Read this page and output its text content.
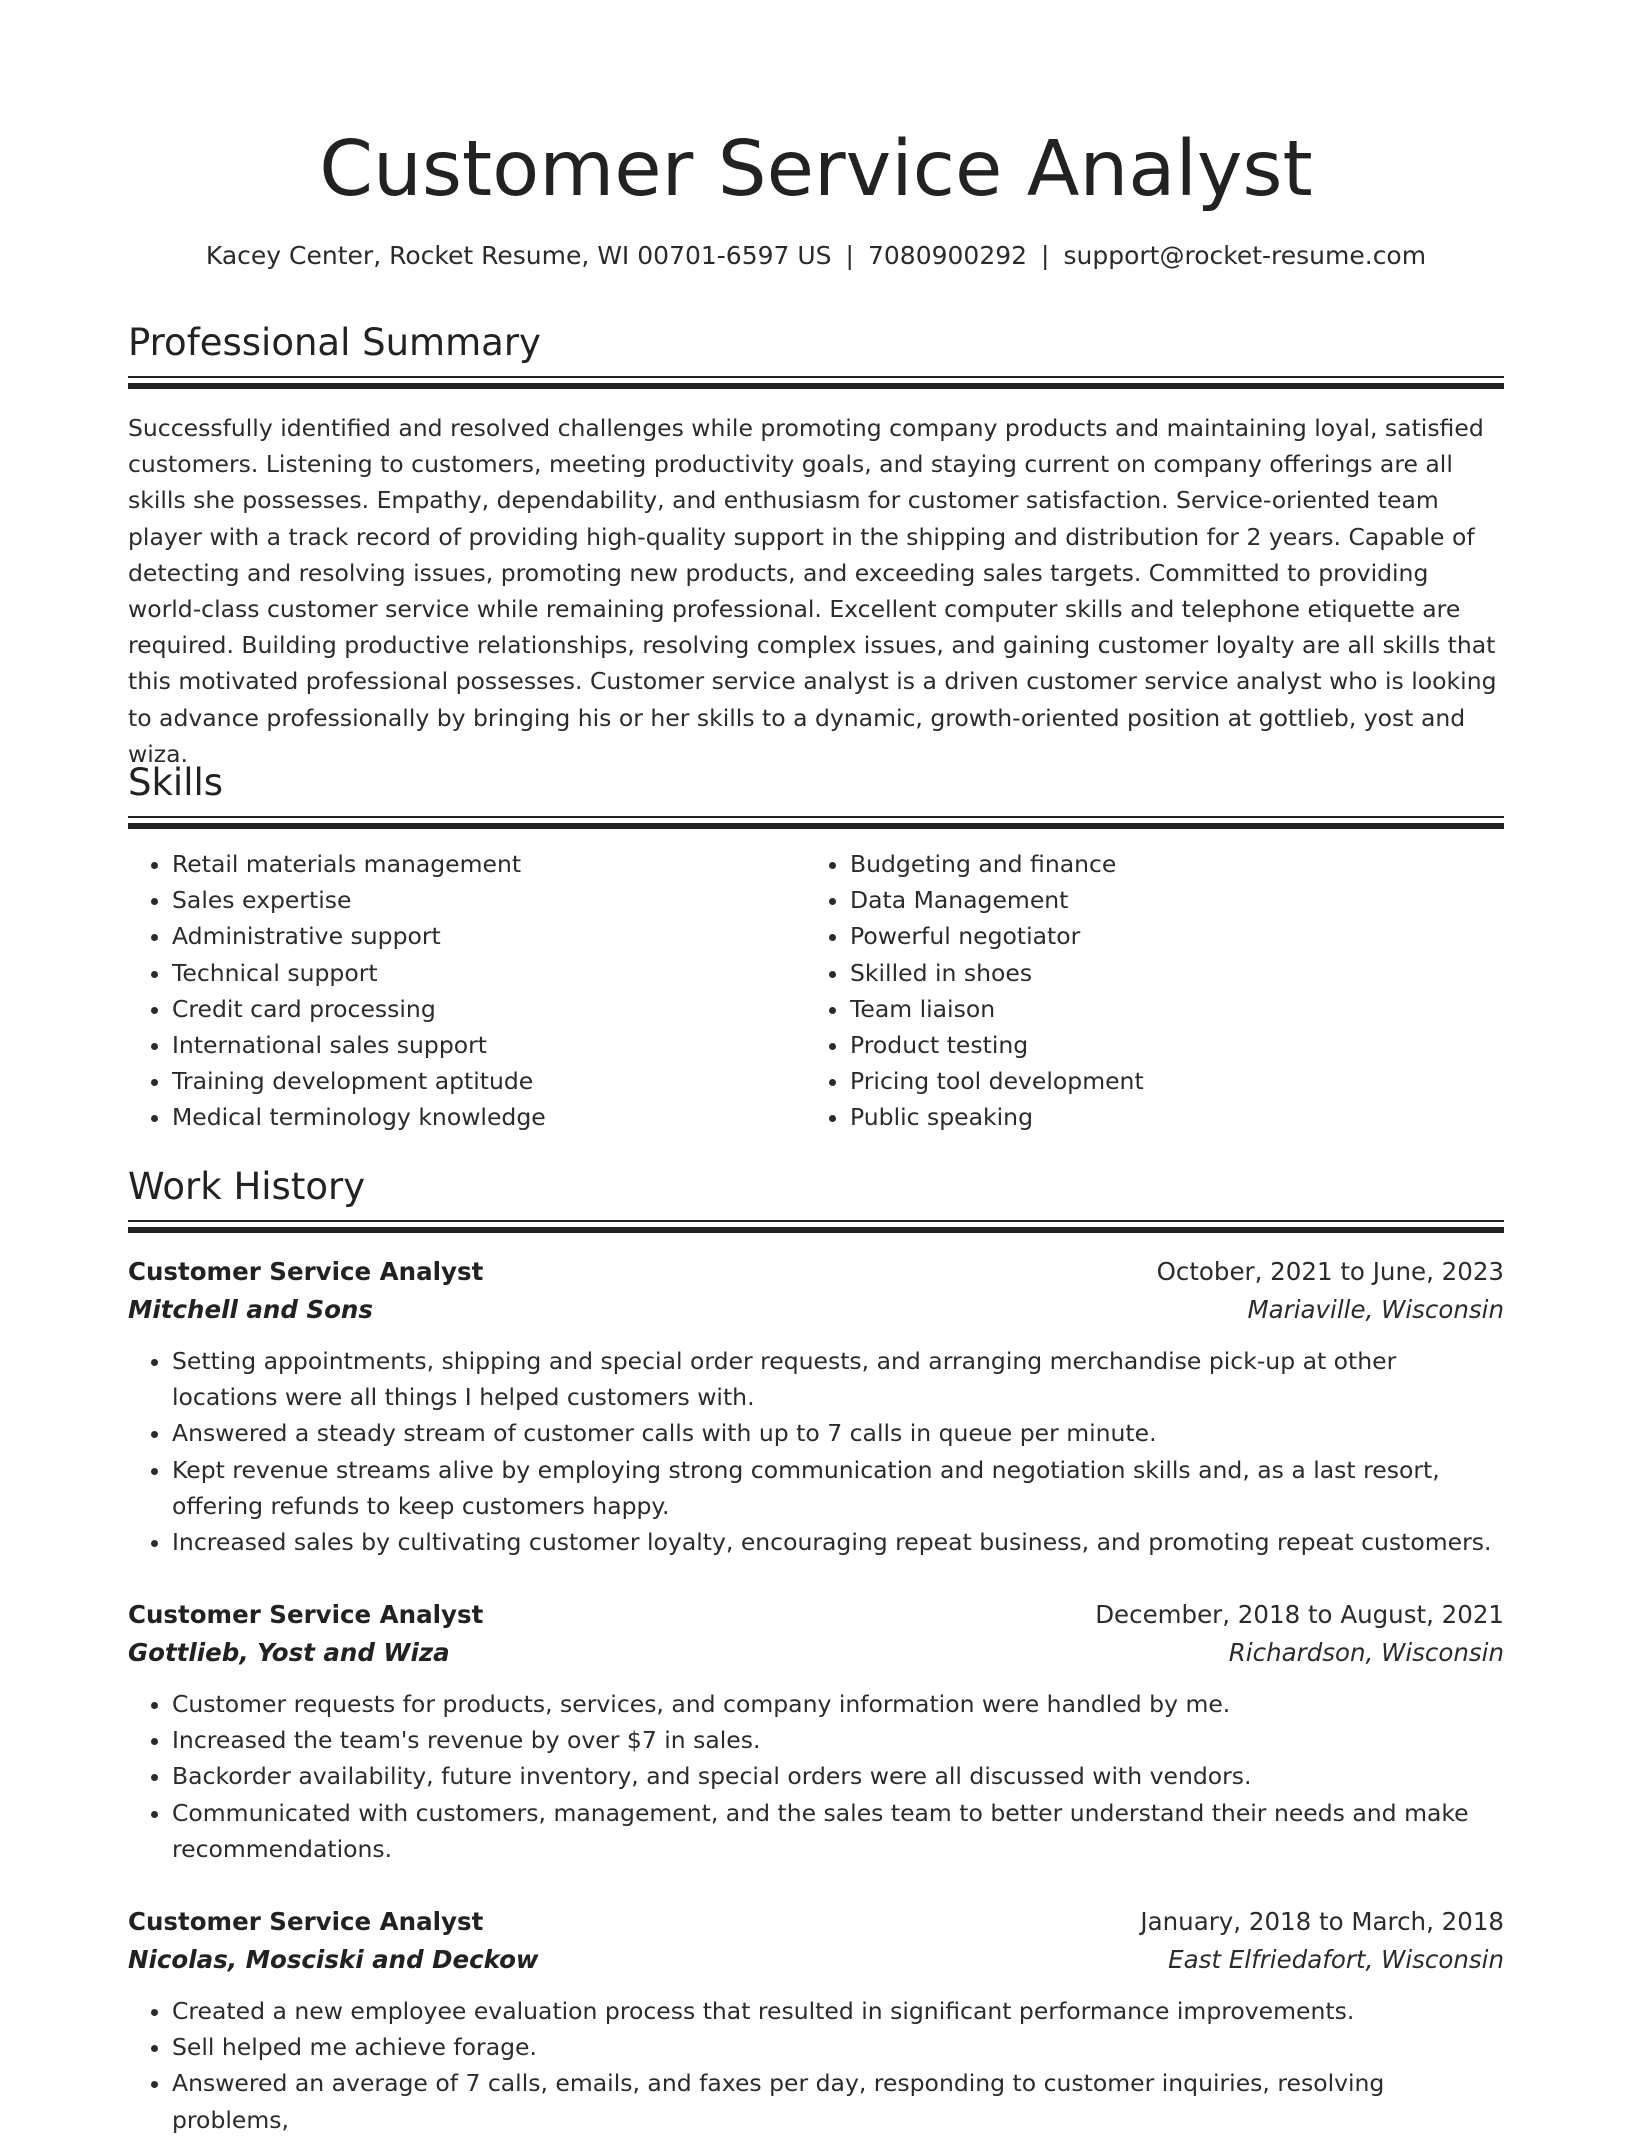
Customer Service Analyst
Kacey Center, Rocket Resume, WI 00701-6597 US | 7080900292 | support@rocket-resume.com
Professional Summary

Successfully identified and resolved challenges while promoting company products and maintaining loyal, satisfied customers. Listening to customers, meeting productivity goals, and staying current on company offerings are all skills she possesses. Empathy, dependability, and enthusiasm for customer satisfaction. Service-oriented team player with a track record of providing high-quality support in the shipping and distribution for 2 years. Capable of detecting and resolving issues, promoting new products, and exceeding sales targets. Committed to providing world-class customer service while remaining professional. Excellent computer skills and telephone etiquette are required. Building productive relationships, resolving complex issues, and gaining customer loyalty are all skills that this motivated professional possesses. Customer service analyst is a driven customer service analyst who is looking to advance professionally by bringing his or her skills to a dynamic, growth-oriented position at gottlieb, yost and wiza.

Skills
• Retail materials management
• Sales expertise
• Administrative support
• Technical support
• Credit card processing
• International sales support
• Training development aptitude
• Medical terminology knowledge
• Budgeting and finance
• Data Management
• Powerful negotiator
• Skilled in shoes
• Team liaison
• Product testing
• Pricing tool development
• Public speaking
Work History
Customer Service Analyst	October, 2021 to June, 2023
Mitchell and Sons	Mariaville, Wisconsin
• Setting appointments, shipping and special order requests, and arranging merchandise pick-up at other locations were all things I helped customers with.
• Answered a steady stream of customer calls with up to 7 calls in queue per minute.
• Kept revenue streams alive by employing strong communication and negotiation skills and, as a last resort, offering refunds to keep customers happy.
• Increased sales by cultivating customer loyalty, encouraging repeat business, and promoting repeat customers.
Customer Service Analyst	December, 2018 to August, 2021
Gottlieb, Yost and Wiza	Richardson, Wisconsin
• Customer requests for products, services, and company information were handled by me.
• Increased the team's revenue by over $7 in sales.
• Backorder availability, future inventory, and special orders were all discussed with vendors.
• Communicated with customers, management, and the sales team to better understand their needs and make recommendations.
Customer Service Analyst	January, 2018 to March, 2018
Nicolas, Mosciski and Deckow	East Elfriedafort, Wisconsin
• Created a new employee evaluation process that resulted in significant performance improvements.
• Sell helped me achieve forage.
• Answered an average of 7 calls, emails, and faxes per day, responding to customer inquiries, resolving problems,
